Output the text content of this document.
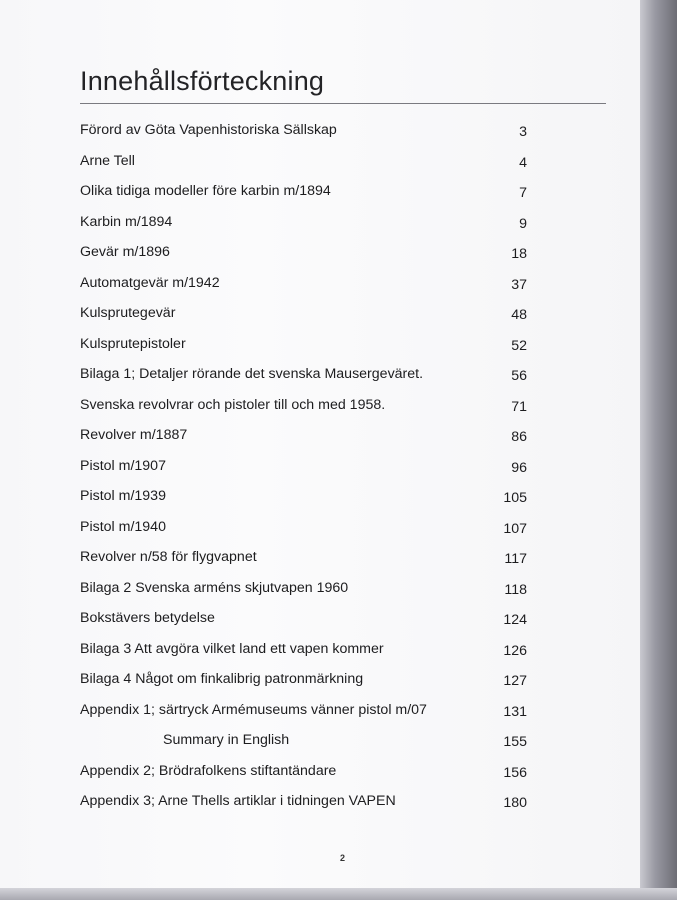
Innehållsförteckning
Förord av Göta Vapenhistoriska Sällskap	3
Arne Tell	4
Olika tidiga modeller före karbin m/1894	7
Karbin m/1894	9
Gevär m/1896	18
Automatgevär m/1942	37
Kulsprutegevär	48
Kulsprutepistoler	52
Bilaga 1; Detaljer rörande det svenska Mausergeväret.	56
Svenska revolvrar och pistoler till och med 1958.	71
Revolver m/1887	86
Pistol m/1907	96
Pistol m/1939	105
Pistol m/1940	107
Revolver n/58 för flygvapnet	117
Bilaga 2 Svenska arméns skjutvapen 1960	118
Bokstävers betydelse	124
Bilaga 3 Att avgöra vilket land ett vapen kommer	126
Bilaga 4 Något om finkalibrig patronmärkning	127
Appendix 1; särtryck Armémuseums vänner pistol m/07	131
Summary in English	155
Appendix 2; Brödrafolkens stiftantändare	156
Appendix 3; Arne Thells artiklar i tidningen VAPEN	180
2
